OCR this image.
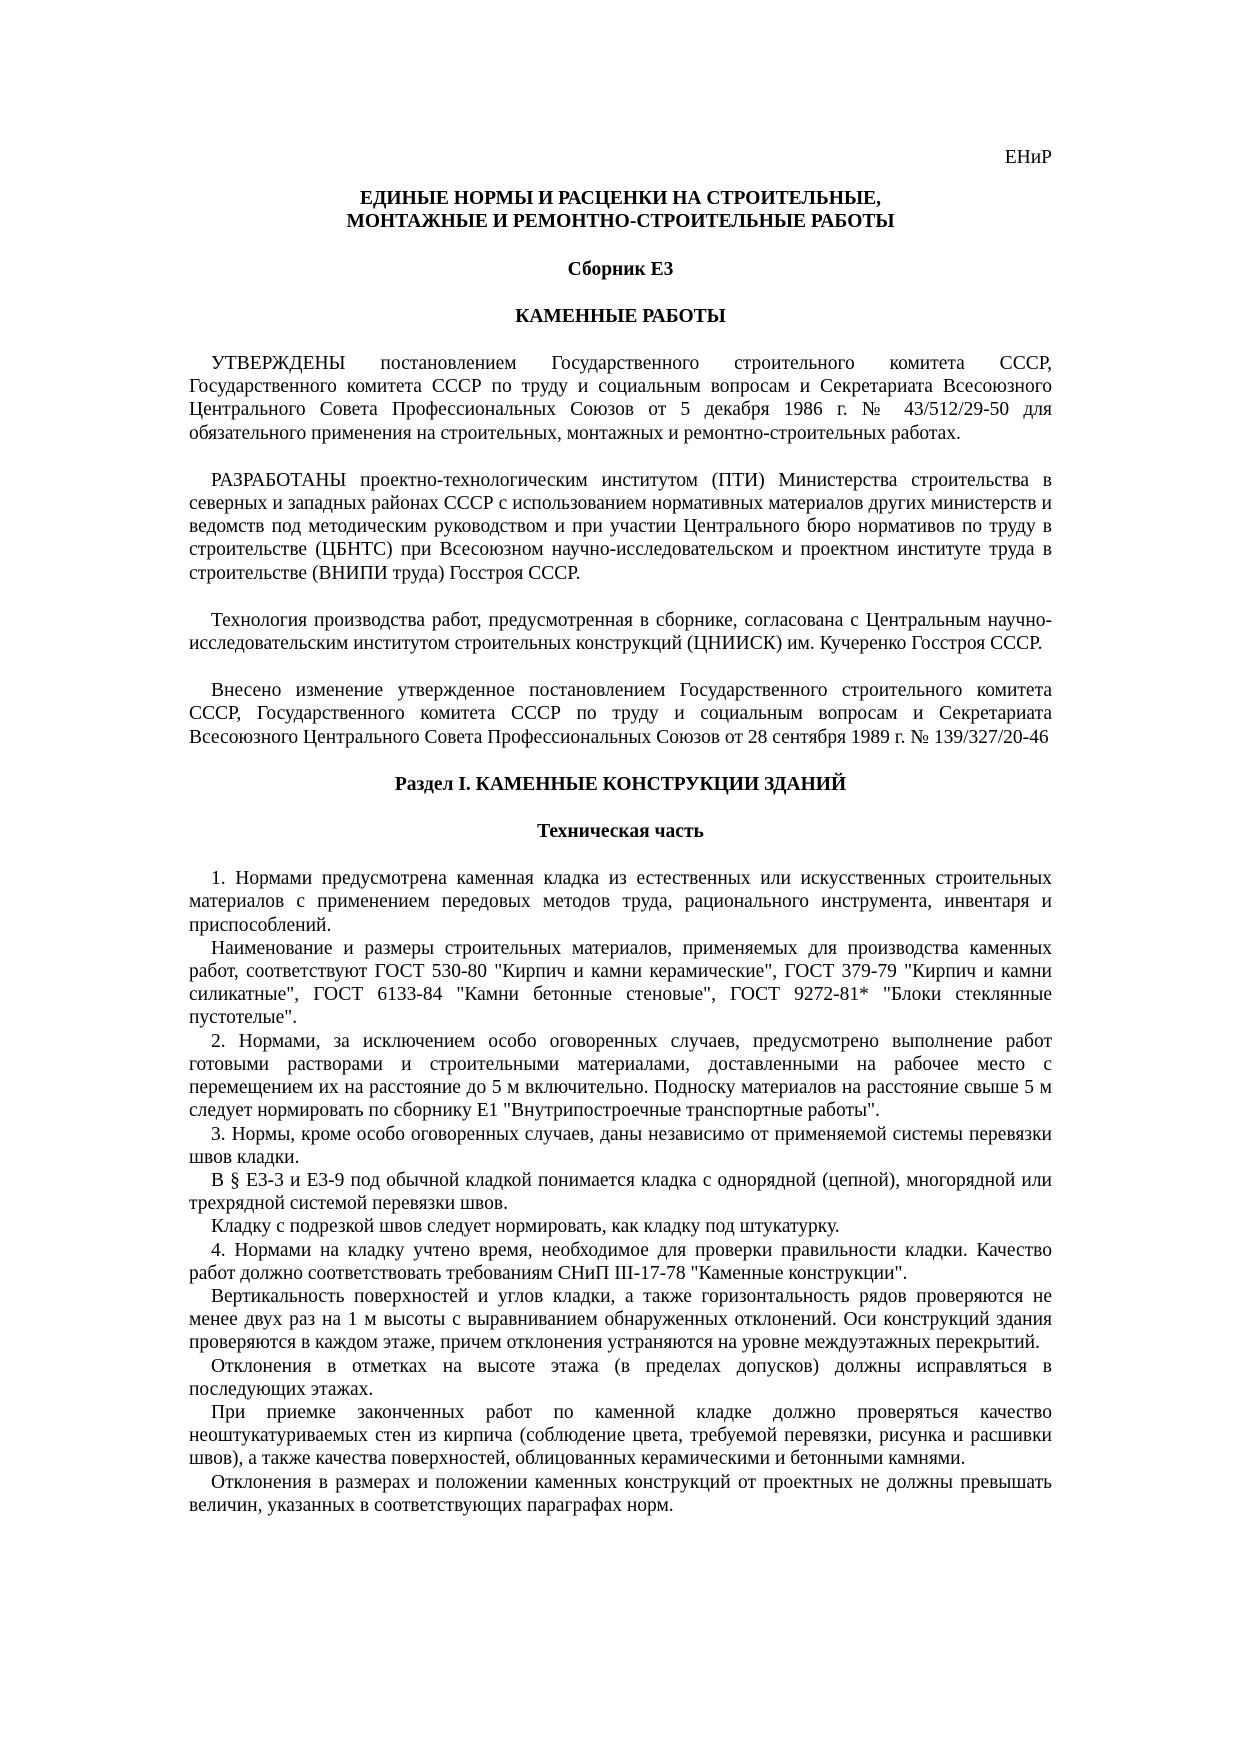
ЕНиР
ЕДИНЫЕ НОРМЫ И РАСЦЕНКИ НА СТРОИТЕЛЬНЫЕ,
МОНТАЖНЫЕ И РЕМОНТНО-СТРОИТЕЛЬНЫЕ РАБОТЫ
Сборник Е3
КАМЕННЫЕ РАБОТЫ

УТВЕРЖДЕНЫ постановлением Государственного строительного комитета СССР, Государственного комитета СССР по труду и социальным вопросам и Секретариата Всесоюзного Центрального Совета Профессиональных Союзов от 5 декабря 1986 г. № 43/512/29-50 для обязательного применения на строительных, монтажных и ремонтно-строительных работах.

РАЗРАБОТАНЫ проектно-технологическим институтом (ПТИ) Министерства строительства в северных и западных районах СССР с использованием нормативных материалов других министерств и ведомств под методическим руководством и при участии Центрального бюро нормативов по труду в строительстве (ЦБНТС) при Всесоюзном научно-исследовательском и проектном институте труда в строительстве (ВНИПИ труда) Госстроя СССР.

Технология производства работ, предусмотренная в сборнике, согласована с Центральным научно-исследовательским институтом строительных конструкций (ЦНИИСК) им. Кучеренко Госстроя СССР.

Внесено изменение утвержденное постановлением Государственного строительного комитета СССР, Государственного комитета СССР по труду и социальным вопросам и Секретариата Всесоюзного Центрального Совета Профессиональных Союзов от 28 сентября 1989 г. № 139/327/20-46

Раздел I. КАМЕННЫЕ КОНСТРУКЦИИ ЗДАНИЙ
Техническая часть

1. Нормами предусмотрена каменная кладка из естественных или искусственных строительных материалов с применением передовых методов труда, рационального инструмента, инвентаря и приспособлений.

Наименование и размеры строительных материалов, применяемых для производства каменных работ, соответствуют ГОСТ 530-80 "Кирпич и камни керамические", ГОСТ 379-79 "Кирпич и камни силикатные", ГОСТ 6133-84 "Камни бетонные стеновые", ГОСТ 9272-81* "Блоки стеклянные пустотелые".

2. Нормами, за исключением особо оговоренных случаев, предусмотрено выполнение работ готовыми растворами и строительными материалами, доставленными на рабочее место с перемещением их на расстояние до 5 м включительно. Подноску материалов на расстояние свыше 5 м следует нормировать по сборнику Е1 "Внутрипостроечные транспортные работы".

3. Нормы, кроме особо оговоренных случаев, даны независимо от применяемой системы перевязки швов кладки.

В § Е3-3 и Е3-9 под обычной кладкой понимается кладка с однорядной (цепной), многорядной или трехрядной системой перевязки швов.

Кладку с подрезкой швов следует нормировать, как кладку под штукатурку.

4. Нормами на кладку учтено время, необходимое для проверки правильности кладки. Качество работ должно соответствовать требованиям СНиП III-17-78 "Каменные конструкции".

Вертикальность поверхностей и углов кладки, а также горизонтальность рядов проверяются не менее двух раз на 1 м высоты с выравниванием обнаруженных отклонений. Оси конструкций здания проверяются в каждом этаже, причем отклонения устраняются на уровне междуэтажных перекрытий.

Отклонения в отметках на высоте этажа (в пределах допусков) должны исправляться в последующих этажах.

При приемке законченных работ по каменной кладке должно проверяться качество неоштукатуриваемых стен из кирпича (соблюдение цвета, требуемой перевязки, рисунка и расшивки швов), а также качества поверхностей, облицованных керамическими и бетонными камнями.

Отклонения в размерах и положении каменных конструкций от проектных не должны превышать величин, указанных в соответствующих параграфах норм.
